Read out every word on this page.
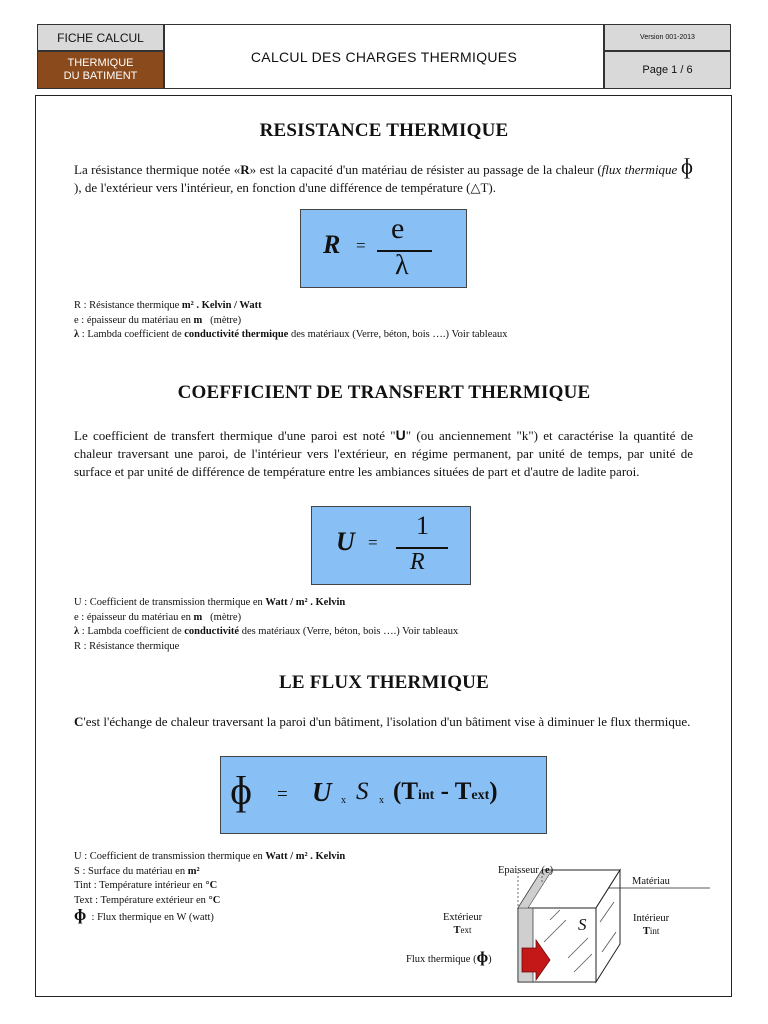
FICHE CALCUL
THERMIQUE
DU BATIMENT
CALCUL DES CHARGES THERMIQUES
Version 001-2013
Page 1 / 6
RESISTANCE THERMIQUE
La résistance thermique notée «R» est la capacité d'un matériau de résister au passage de la chaleur (flux thermique ɸ ), de l'extérieur vers l'intérieur, en fonction d'une différence de température (△T).
R =
e
λ
R : Résistance thermique m² . Kelvin / Watt
e : épaisseur du matériau en m   (mètre)
λ : Lambda coefficient de conductivité thermique des matériaux (Verre, béton, bois ….) Voir tableaux
COEFFICIENT DE TRANSFERT THERMIQUE
Le coefficient de transfert thermique d'une paroi est noté "U" (ou anciennement "k") et caractérise la quantité de chaleur traversant une paroi, de l'intérieur vers l'extérieur, en régime permanent, par unité de temps, par unité de surface et par unité de différence de température entre les ambiances situées de part et d'autre de ladite paroi.
U =
1
R
U : Coefficient de transmission thermique en Watt / m² . Kelvin
e : épaisseur du matériau en m   (mètre)
λ : Lambda coefficient de conductivité des matériaux (Verre, béton, bois ….) Voir tableaux
R : Résistance thermique
LE FLUX THERMIQUE
C'est l'échange de chaleur traversant la paroi d'un bâtiment, l'isolation d'un bâtiment vise à diminuer le flux thermique.
ɸ = U x S x (Tint - Text)
U : Coefficient de transmission thermique en Watt / m² . Kelvin
S : Surface du matériau en m²
Tint : Température intérieur en °C
Text : Température extérieur en °C
ɸ  : Flux thermique en W (watt)	S
Epaisseur (e)
Matériau
Extérieur
Text
Intérieur
Tint
Flux thermique (ɸ)
